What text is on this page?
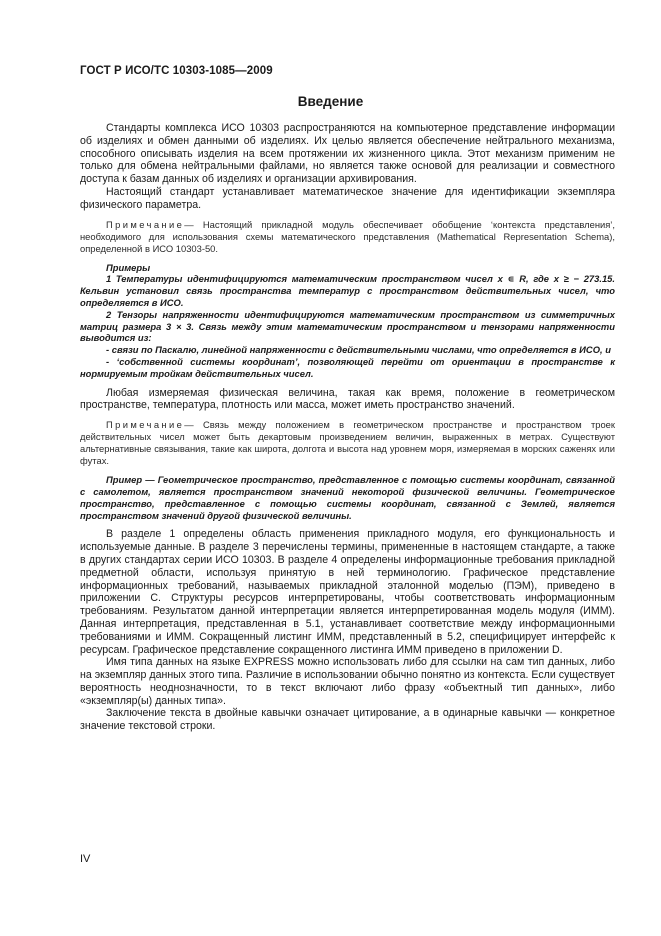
ГОСТ Р ИСО/ТС 10303-1085—2009
Введение

Стандарты комплекса ИСО 10303 распространяются на компьютерное представление информации об изделиях и обмен данными об изделиях. Их целью является обеспечение нейтрального механизма, способного описывать изделия на всем протяжении их жизненного цикла. Этот механизм применим не только для обмена нейтральными файлами, но является также основой для реализации и совместного доступа к базам данных об изделиях и организации архивирования.

Настоящий стандарт устанавливает математическое значение для идентификации экземпляра физического параметра.

Примечание— Настоящий прикладной модуль обеспечивает обобщение ‘контекста представления’, необходимого для использования схемы математического представления (Mathematical Representation Schema), определенной в ИСО 10303-50.

Примеры

1 Температуры идентифицируются математическим пространством чисел x ∊ R, где x ≥ − 273.15. Кельвин установил связь пространства температур с пространством действительных чисел, что определяется в ИСО.

2 Тензоры напряженности идентифицируются математическим пространством из симметричных матриц размера 3 × 3. Связь между этим математическим пространством и тензорами напряженности выводится из:

- связи по Паскалю, линейной напряженности с действительными числами, что определяется в ИСО, и

- ‘собственной системы координат’, позволяющей перейти от ориентации в пространстве к нормируемым тройкам действительных чисел.

Любая измеряемая физическая величина, такая как время, положение в геометрическом пространстве, температура, плотность или масса, может иметь пространство значений.

Примечание— Связь между положением в геометрическом пространстве и пространством троек действительных чисел может быть декартовым произведением величин, выраженных в метрах. Существуют альтернативные связывания, такие как широта, долгота и высота над уровнем моря, измеряемая в морских саженях или футах.

Пример — Геометрическое пространство, представленное с помощью системы координат, связанной с самолетом, является пространством значений некоторой физической величины. Геометрическое пространство, представленное с помощью системы координат, связанной с Землей, является пространством значений другой физической величины.

В разделе 1 определены область применения прикладного модуля, его функциональность и используемые данные. В разделе 3 перечислены термины, примененные в настоящем стандарте, а также в других стандартах серии ИСО 10303. В разделе 4 определены информационные требования прикладной предметной области, используя принятую в ней терминологию. Графическое представление информационных требований, называемых прикладной эталонной моделью (ПЭМ), приведено в приложении С. Структуры ресурсов интерпретированы, чтобы соответствовать информационным требованиям. Результатом данной интерпретации является интерпретированная модель модуля (ИММ). Данная интерпретация, представленная в 5.1, устанавливает соответствие между информационными требованиями и ИММ. Сокращенный листинг ИММ, представленный в 5.2, специфицирует интерфейс к ресурсам. Графическое представление сокращенного листинга ИММ приведено в приложении D.

Имя типа данных на языке EXPRESS можно использовать либо для ссылки на сам тип данных, либо на экземпляр данных этого типа. Различие в использовании обычно понятно из контекста. Если существует вероятность неоднозначности, то в текст включают либо фразу «объектный тип данных», либо «экземпляр(ы) данных типа».

Заключение текста в двойные кавычки означает цитирование, а в одинарные кавычки — конкретное значение текстовой строки.

IV
